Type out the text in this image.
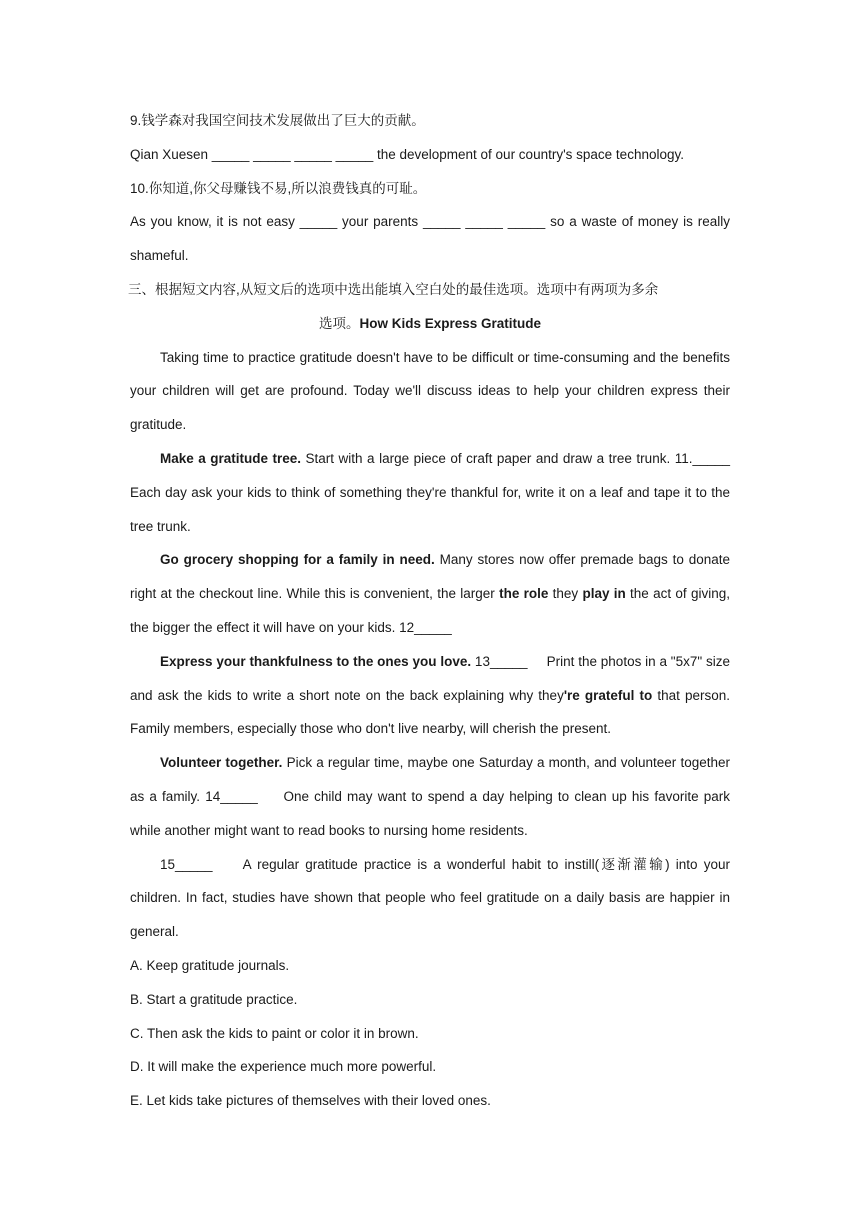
9.钱学森对我国空间技术发展做出了巨大的贡献。

Qian Xuesen _____ _____ _____ _____ the development of our country's space technology.

10.你知道,你父母赚钱不易,所以浪费钱真的可耻。

As you know, it is not easy _____ your parents _____ _____ _____ so a waste of money is really shameful.

三、根据短文内容,从短文后的选项中选出能填入空白处的最佳选项。选项中有两项为多余

选项。How Kids Express Gratitude

Taking time to practice gratitude doesn't have to be difficult or time-consuming and the benefits your children will get are profound. Today we'll discuss ideas to help your children express their gratitude.

Make a gratitude tree. Start with a large piece of craft paper and draw a tree trunk. 11._____ Each day ask your kids to think of something they're thankful for, write it on a leaf and tape it to the tree trunk.

Go grocery shopping for a family in need. Many stores now offer premade bags to donate right at the checkout line. While this is convenient, the larger the role they play in the act of giving, the bigger the effect it will have on your kids. 12_____

Express your thankfulness to the ones you love. 13_____     Print the photos in a "5x7" size and ask the kids to write a short note on the back explaining why they're grateful to that person. Family members, especially those who don't live nearby, will cherish the present.

Volunteer together. Pick a regular time, maybe one Saturday a month, and volunteer together as a family. 14_____     One child may want to spend a day helping to clean up his favorite park while another might want to read books to nursing home residents.

15_____     A regular gratitude practice is a wonderful habit to instill(逐渐灌输) into your children. In fact, studies have shown that people who feel gratitude on a daily basis are happier in general.

A. Keep gratitude journals.

B. Start a gratitude practice.

C. Then ask the kids to paint or color it in brown.

D. It will make the experience much more powerful.

E. Let kids take pictures of themselves with their loved ones.
